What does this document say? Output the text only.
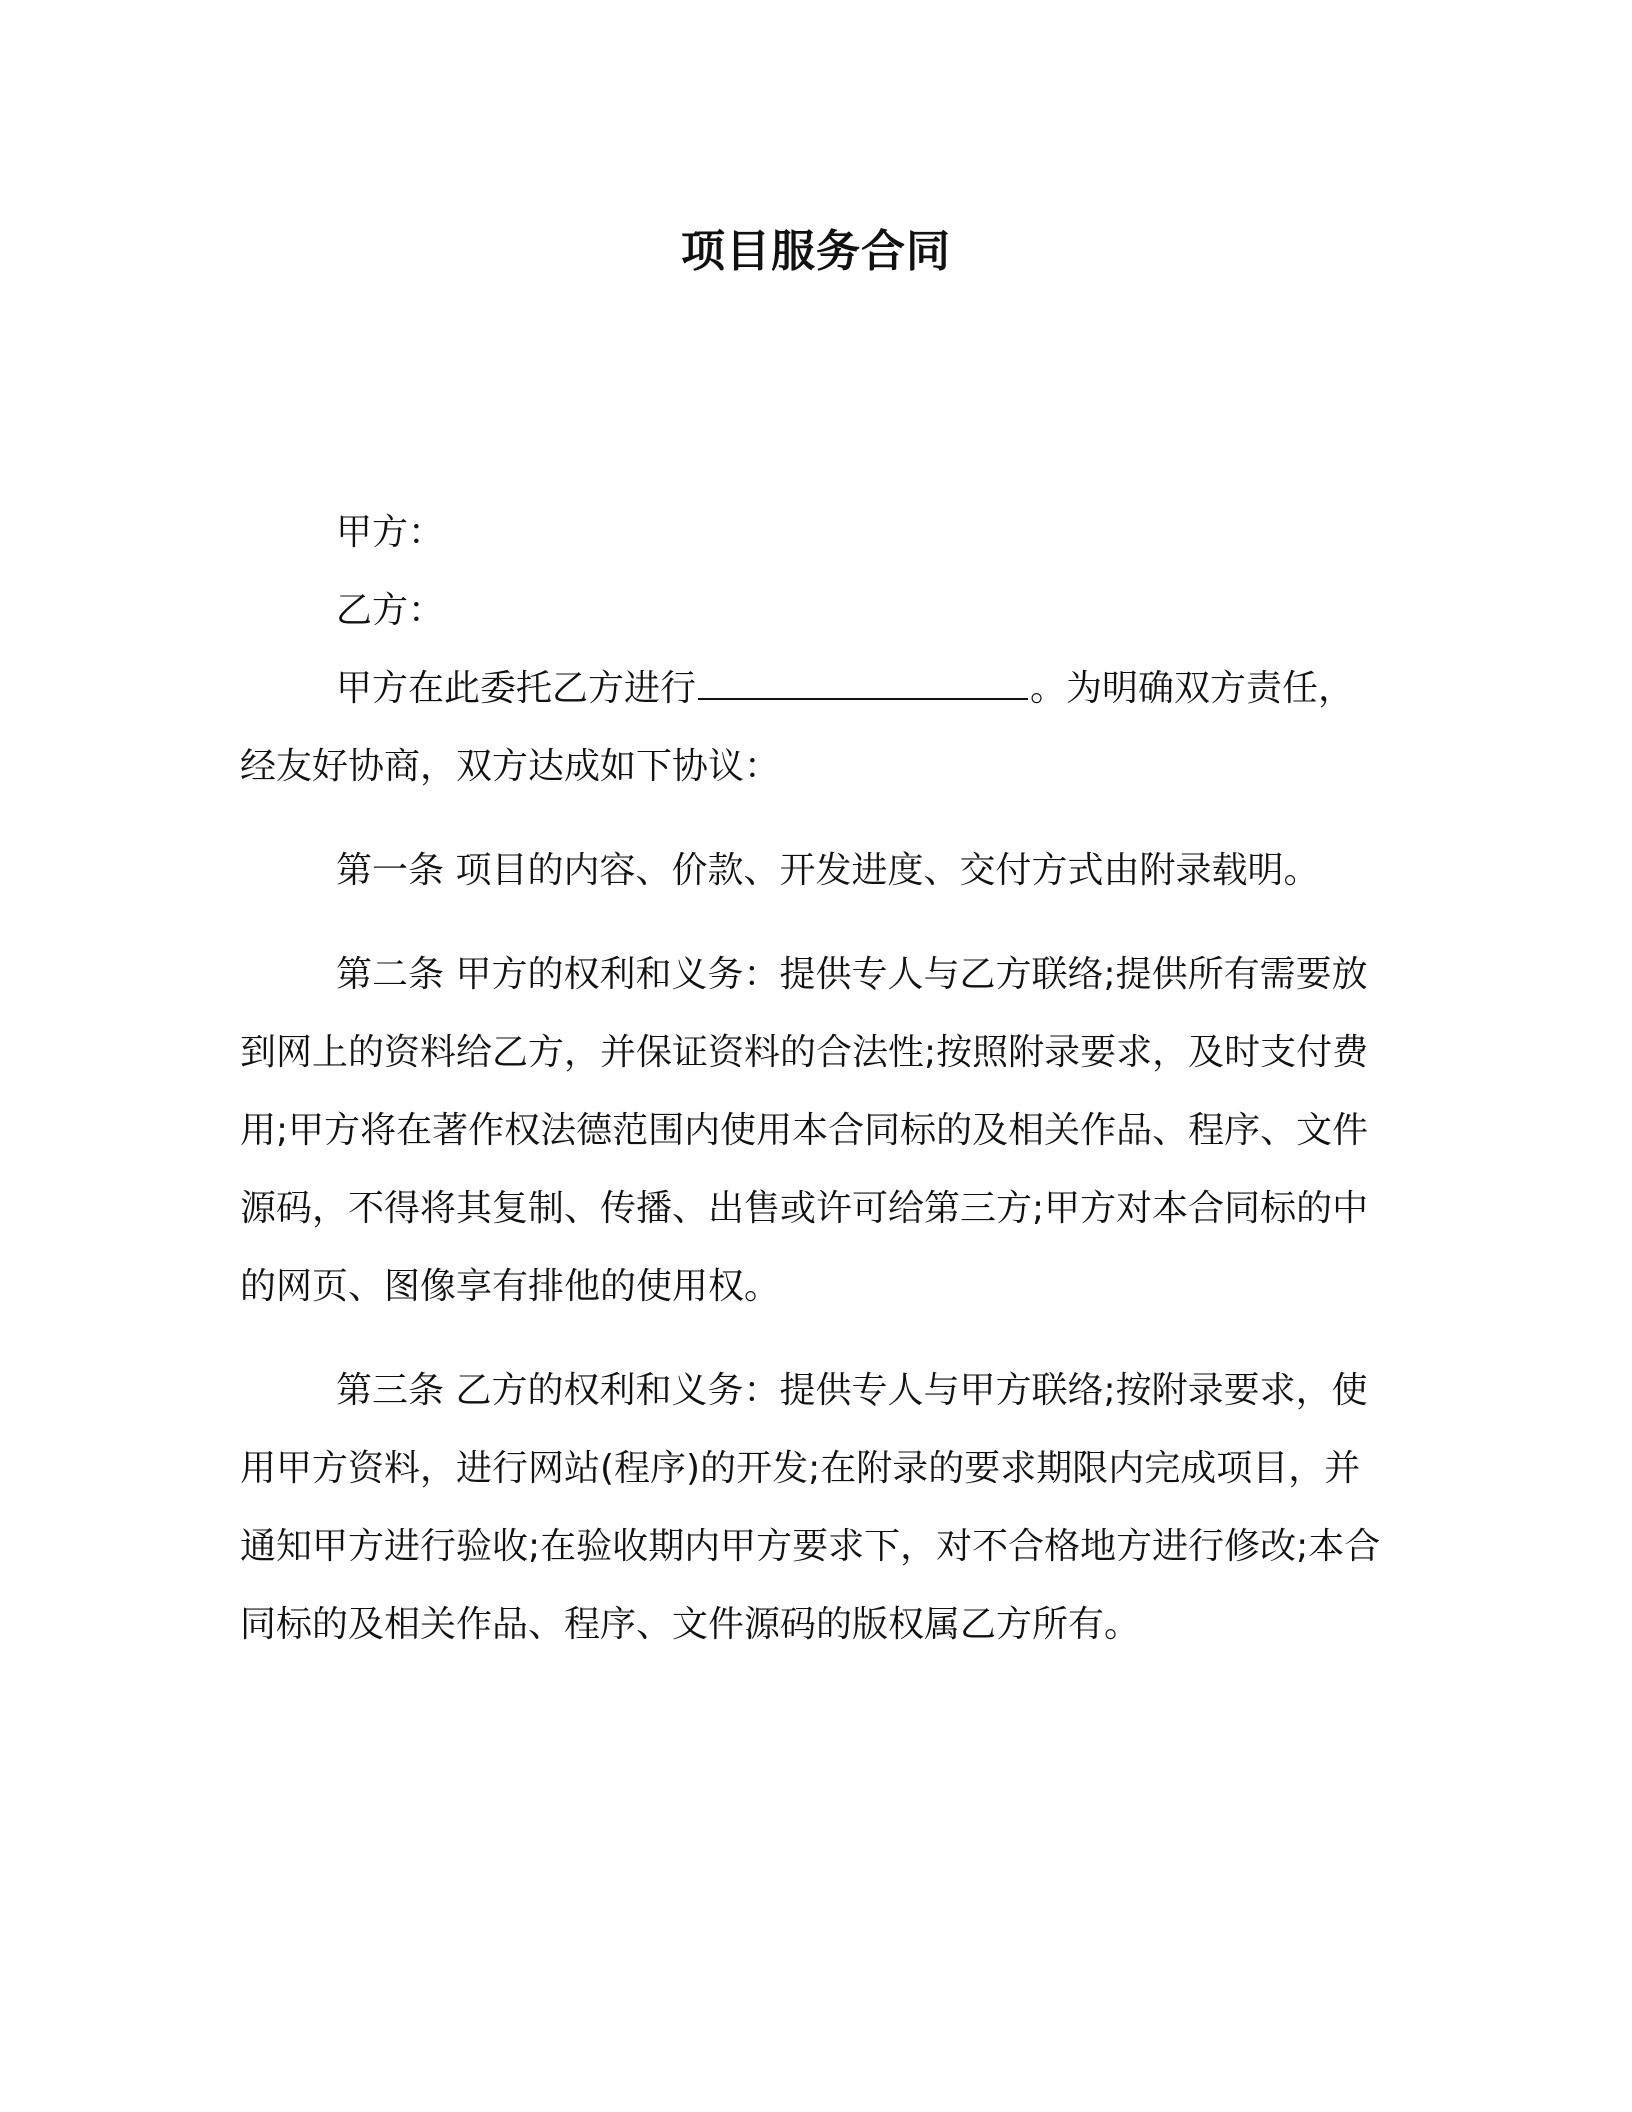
项目服务合同

甲方：

乙方：

甲方在此委托乙方进行	。为明确双方责任，经友好协商，双方达成如下协议：

第一条 项目的内容、价款、开发进度、交付方式由附录载明。

第二条 甲方的权利和义务：提供专人与乙方联络;提供所有需要放到网上的资料给乙方，并保证资料的合法性;按照附录要求，及时支付费用;甲方将在著作权法德范围内使用本合同标的及相关作品、程序、文件源码，不得将其复制、传播、出售或许可给第三方;甲方对本合同标的中的网页、图像享有排他的使用权。

第三条 乙方的权利和义务：提供专人与甲方联络;按附录要求，使用甲方资料，进行网站(程序)的开发;在附录的要求期限内完成项目，并通知甲方进行验收;在验收期内甲方要求下，对不合格地方进行修改;本合同标的及相关作品、程序、文件源码的版权属乙方所有。
